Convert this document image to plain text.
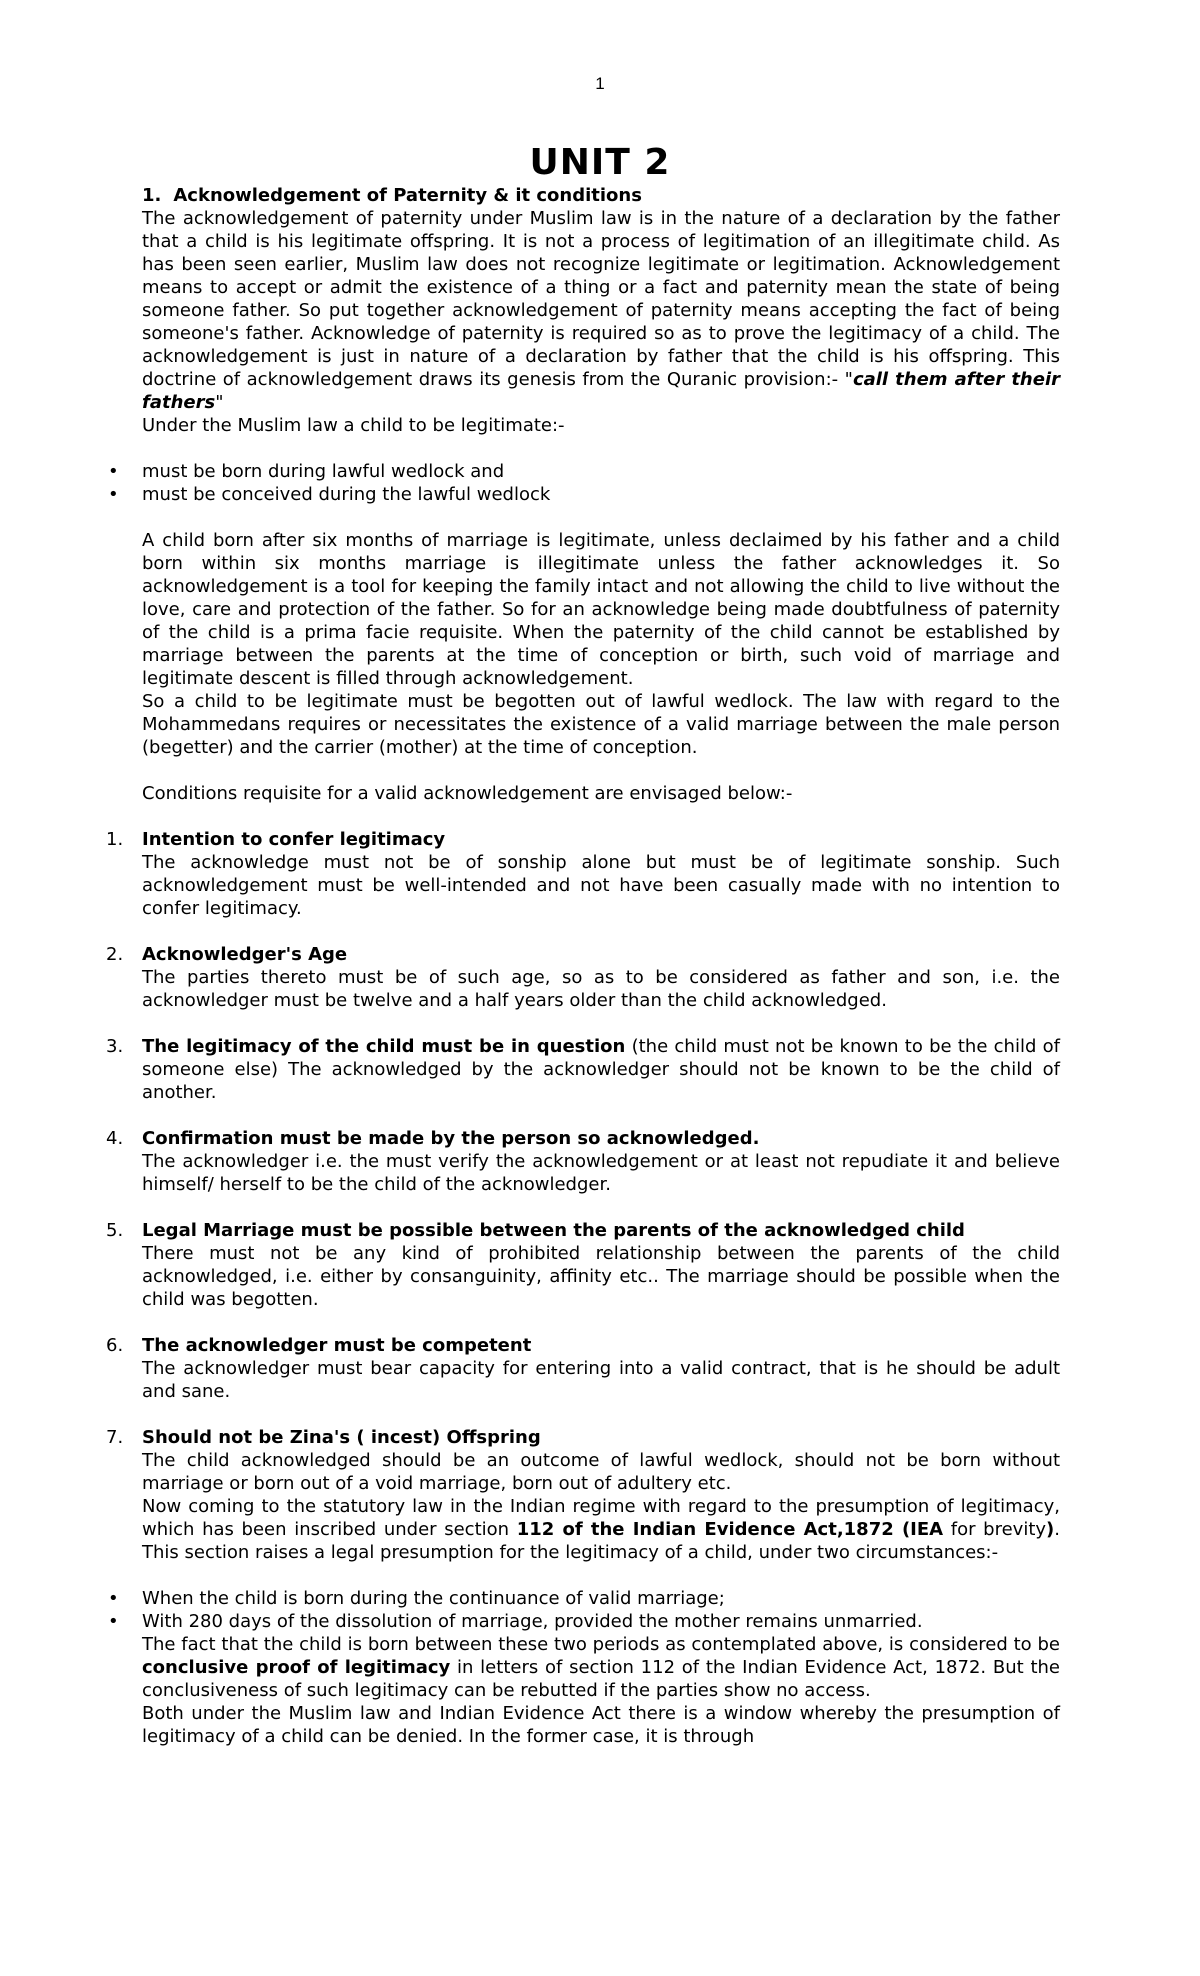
1
UNIT 2

1. Acknowledgement of Paternity & it conditions

The acknowledgement of paternity under Muslim law is in the nature of a declaration by the father that a child is his legitimate offspring. It is not a process of legitimation of an illegitimate child. As has been seen earlier, Muslim law does not recognize legitimate or legitimation. Acknowledgement means to accept or admit the existence of a thing or a fact and paternity mean the state of being someone father. So put together acknowledgement of paternity means accepting the fact of being someone's father. Acknowledge of paternity is required so as to prove the legitimacy of a child. The acknowledgement is just in nature of a declaration by father that the child is his offspring. This doctrine of acknowledgement draws its genesis from the Quranic provision:- "call them after their fathers"

Under the Muslim law a child to be legitimate:-

• must be born during lawful wedlock and
• must be conceived during the lawful wedlock

A child born after six months of marriage is legitimate, unless declaimed by his father and a child born within six months marriage is illegitimate unless the father acknowledges it. So acknowledgement is a tool for keeping the family intact and not allowing the child to live without the love, care and protection of the father. So for an acknowledge being made doubtfulness of paternity of the child is a prima facie requisite. When the paternity of the child cannot be established by marriage between the parents at the time of conception or birth, such void of marriage and legitimate descent is filled through acknowledgement.

So a child to be legitimate must be begotten out of lawful wedlock. The law with regard to the Mohammedans requires or necessitates the existence of a valid marriage between the male person (begetter) and the carrier (mother) at the time of conception.

Conditions requisite for a valid acknowledgement are envisaged below:-

1. Intention to confer legitimacy

The acknowledge must not be of sonship alone but must be of legitimate sonship. Such acknowledgement must be well-intended and not have been casually made with no intention to confer legitimacy.

2. Acknowledger's Age

The parties thereto must be of such age, so as to be considered as father and son, i.e. the acknowledger must be twelve and a half years older than the child acknowledged.

3. The legitimacy of the child must be in question (the child must not be known to be the child of someone else) The acknowledged by the acknowledger should not be known to be the child of another.

4. Confirmation must be made by the person so acknowledged.

The acknowledger i.e. the must verify the acknowledgement or at least not repudiate it and believe himself/ herself to be the child of the acknowledger.

5. Legal Marriage must be possible between the parents of the acknowledged child

There must not be any kind of prohibited relationship between the parents of the child acknowledged, i.e. either by consanguinity, affinity etc.. The marriage should be possible when the child was begotten.

6. The acknowledger must be competent

The acknowledger must bear capacity for entering into a valid contract, that is he should be adult and sane.

7. Should not be Zina's ( incest) Offspring

The child acknowledged should be an outcome of lawful wedlock, should not be born without marriage or born out of a void marriage, born out of adultery etc.

Now coming to the statutory law in the Indian regime with regard to the presumption of legitimacy, which has been inscribed under section 112 of the Indian Evidence Act,1872 (IEA for brevity). This section raises a legal presumption for the legitimacy of a child, under two circumstances:-

• When the child is born during the continuance of valid marriage;
• With 280 days of the dissolution of marriage, provided the mother remains unmarried.

The fact that the child is born between these two periods as contemplated above, is considered to be conclusive proof of legitimacy in letters of section 112 of the Indian Evidence Act, 1872. But the conclusiveness of such legitimacy can be rebutted if the parties show no access.

Both under the Muslim law and Indian Evidence Act there is a window whereby the presumption of legitimacy of a child can be denied. In the former case, it is through
